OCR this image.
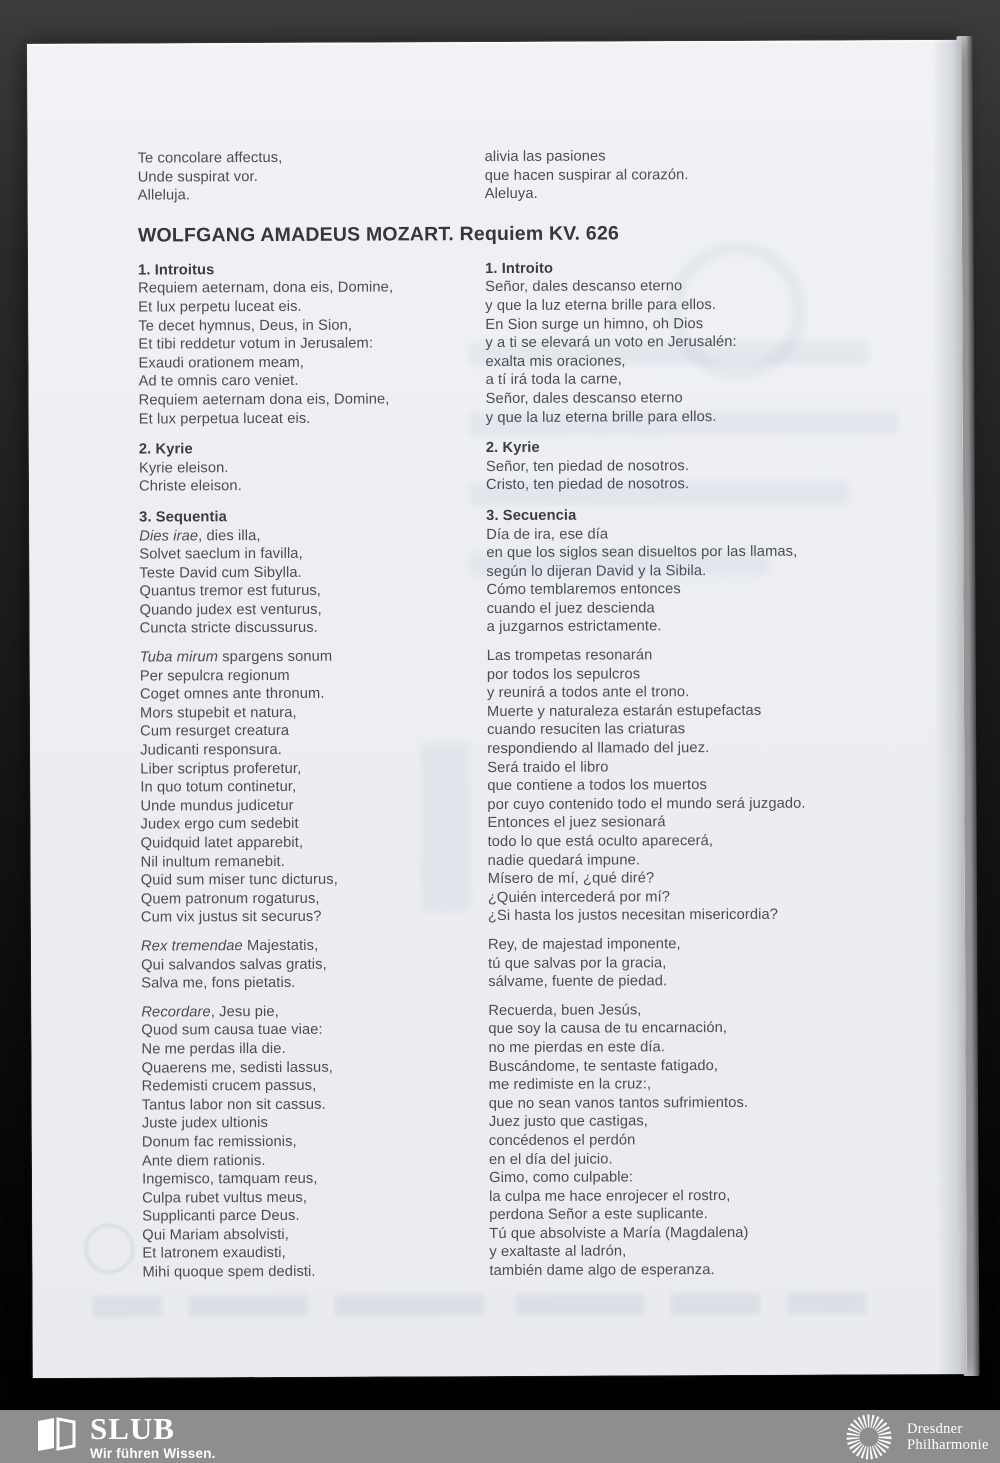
Te concolare affectus,

Unde suspirat vor.

Alleluja.

alivia las pasiones

que hacen suspirar al corazón.

Aleluya.

WOLFGANG AMADEUS MOZART. Requiem KV. 626

1. Introitus

Requiem aeternam, dona eis, Domine,

Et lux perpetu luceat eis.

Te decet hymnus, Deus, in Sion,

Et tibi reddetur votum in Jerusalem:

Exaudi orationem meam,

Ad te omnis caro veniet.

Requiem aeternam dona eis, Domine,

Et lux perpetua luceat eis.

1. Introito

Señor, dales descanso eterno

y que la luz eterna brille para ellos.

En Sion surge un himno, oh Dios

y a ti se elevará un voto en Jerusalén:

exalta mis oraciones,

a tí irá toda la carne,

Señor, dales descanso eterno

y que la luz eterna brille para ellos.

2. Kyrie

Kyrie eleison.

Christe eleison.

2. Kyrie

Señor, ten piedad de nosotros.

Cristo, ten piedad de nosotros.

3. Sequentia

Dies irae, dies illa,

Solvet saeclum in favilla,

Teste David cum Sibylla.

Quantus tremor est futurus,

Quando judex est venturus,

Cuncta stricte discussurus.

Tuba mirum spargens sonum

Per sepulcra regionum

Coget omnes ante thronum.

Mors stupebit et natura,

Cum resurget creatura

Judicanti responsura.

Liber scriptus proferetur,

In quo totum continetur,

Unde mundus judicetur

Judex ergo cum sedebit

Quidquid latet apparebit,

Nil inultum remanebit.

Quid sum miser tunc dicturus,

Quem patronum rogaturus,

Cum vix justus sit securus?

Rex tremendae Majestatis,

Qui salvandos salvas gratis,

Salva me, fons pietatis.

Recordare, Jesu pie,

Quod sum causa tuae viae:

Ne me perdas illa die.

Quaerens me, sedisti lassus,

Redemisti crucem passus,

Tantus labor non sit cassus.

Juste judex ultionis

Donum fac remissionis,

Ante diem rationis.

Ingemisco, tamquam reus,

Culpa rubet vultus meus,

Supplicanti parce Deus.

Qui Mariam absolvisti,

Et latronem exaudisti,

Mihi quoque spem dedisti.

3. Secuencia

Día de ira, ese día

en que los siglos sean disueltos por las llamas,

según lo dijeran David y la Sibila.

Cómo temblaremos entonces

cuando el juez descienda

a juzgarnos estrictamente.

Las trompetas resonarán

por todos los sepulcros

y reunirá a todos ante el trono.

Muerte y naturaleza estarán estupefactas

cuando resuciten las criaturas

respondiendo al llamado del juez.

Será traido el libro

que contiene a todos los muertos

por cuyo contenido todo el mundo será juzgado.

Entonces el juez sesionará

todo lo que está oculto aparecerá,

nadie quedará impune.

Mísero de mí, ¿qué diré?

¿Quién intercederá por mí?

¿Si hasta los justos necesitan misericordia?

Rey, de majestad imponente,

tú que salvas por la gracia,

sálvame, fuente de piedad.

Recuerda, buen Jesús,

que soy la causa de tu encarnación,

no me pierdas en este día.

Buscándome, te sentaste fatigado,

me redimiste en la cruz:,

que no sean vanos tantos sufrimientos.

Juez justo que castigas,

concédenos el perdón

en el día del juicio.

Gimo, como culpable:

la culpa me hace enrojecer el rostro,

perdona Señor a este suplicante.

Tú que absolviste a María (Magdalena)

y exaltaste al ladrón,

también dame algo de esperanza.

SLUB
Wir führen Wissen.
Dresdner
Philharmonie
